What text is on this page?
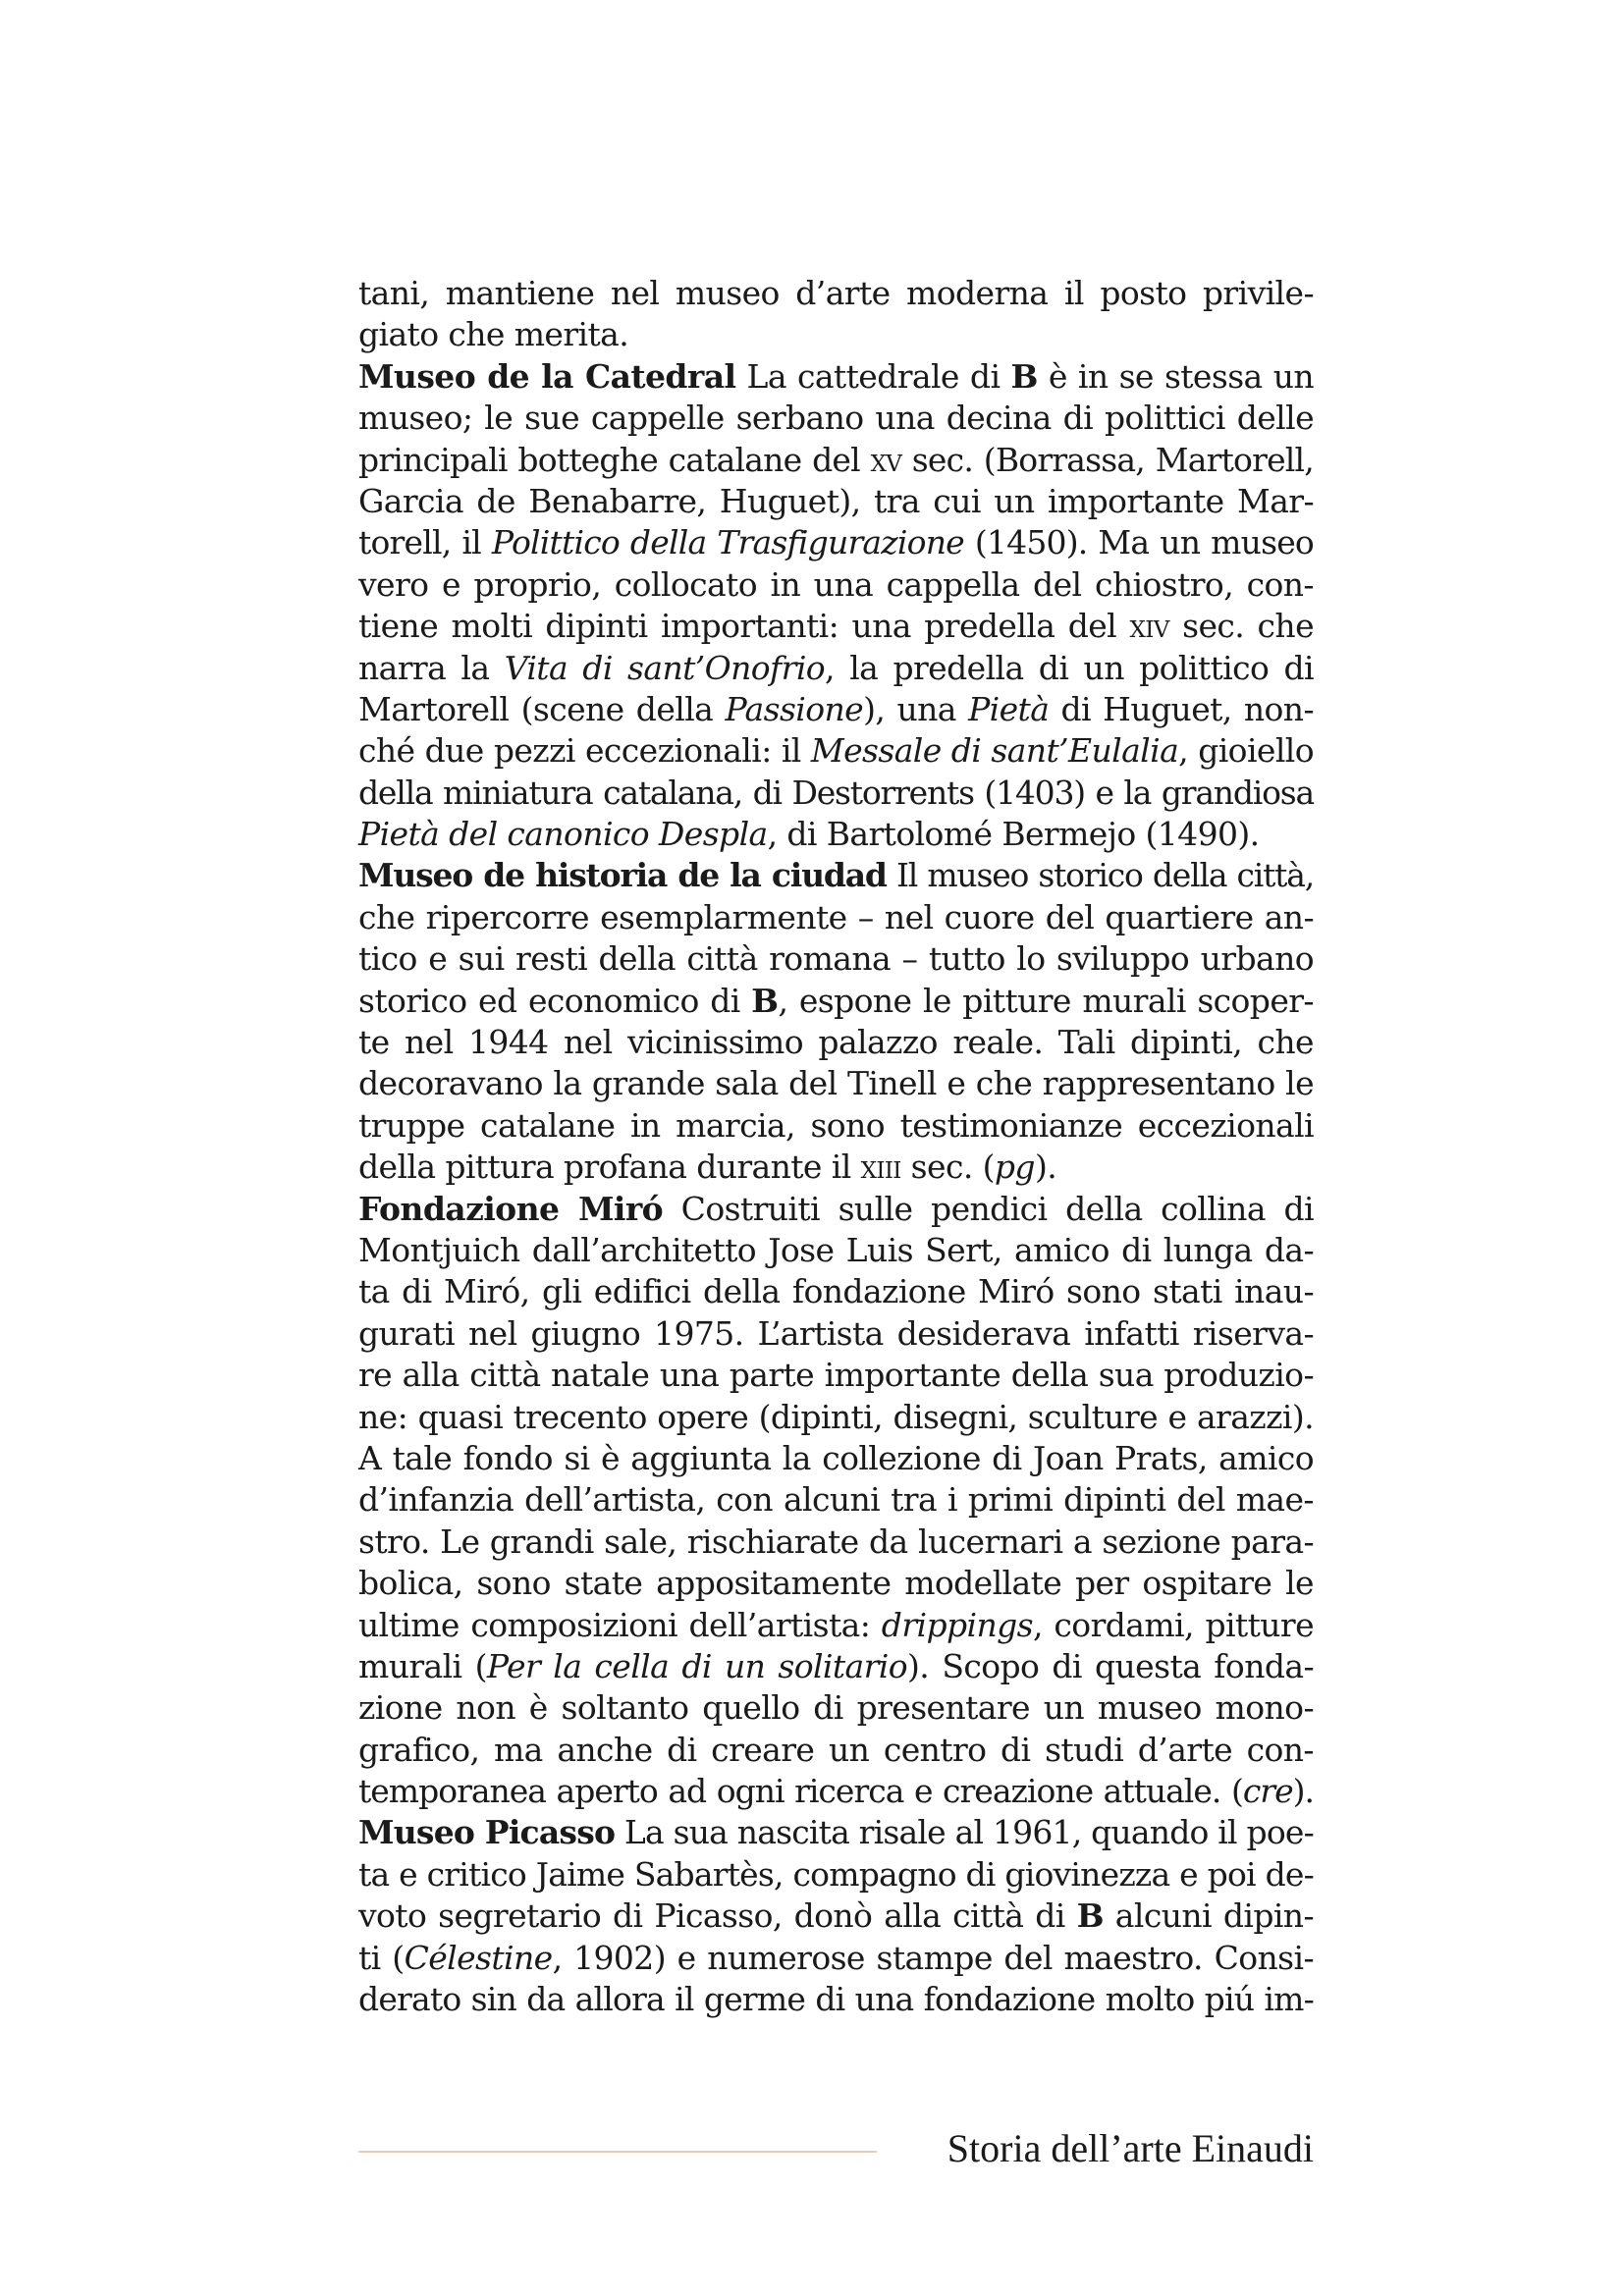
tani, mantiene nel museo d’arte moderna il posto privile-
giato che merita.
Museo de la Catedral La cattedrale di B è in se stessa un
museo; le sue cappelle serbano una decina di polittici delle
principali botteghe catalane del xv sec. (Borrassa, Martorell,
Garcia de Benabarre, Huguet), tra cui un importante Mar-
torell, il Polittico della Trasfigurazione (1450). Ma un museo
vero e proprio, collocato in una cappella del chiostro, con-
tiene molti dipinti importanti: una predella del xiv sec. che
narra la Vita di sant’Onofrio, la predella di un polittico di
Martorell (scene della Passione), una Pietà di Huguet, non-
ché due pezzi eccezionali: il Messale di sant’Eulalia, gioiello
della miniatura catalana, di Destorrents (1403) e la grandiosa
Pietà del canonico Despla, di Bartolomé Bermejo (1490).
Museo de historia de la ciudad Il museo storico della città,
che ripercorre esemplarmente – nel cuore del quartiere an-
tico e sui resti della città romana – tutto lo sviluppo urbano
storico ed economico di B, espone le pitture murali scoper-
te nel 1944 nel vicinissimo palazzo reale. Tali dipinti, che
decoravano la grande sala del Tinell e che rappresentano le
truppe catalane in marcia, sono testimonianze eccezionali
della pittura profana durante il xiii sec. (pg).
Fondazione Miró Costruiti sulle pendici della collina di
Montjuich dall’architetto Jose Luis Sert, amico di lunga da-
ta di Miró, gli edifici della fondazione Miró sono stati inau-
gurati nel giugno 1975. L’artista desiderava infatti riserva-
re alla città natale una parte importante della sua produzio-
ne: quasi trecento opere (dipinti, disegni, sculture e arazzi).
A tale fondo si è aggiunta la collezione di Joan Prats, amico
d’infanzia dell’artista, con alcuni tra i primi dipinti del mae-
stro. Le grandi sale, rischiarate da lucernari a sezione para-
bolica, sono state appositamente modellate per ospitare le
ultime composizioni dell’artista: drippings, cordami, pitture
murali (Per la cella di un solitario). Scopo di questa fonda-
zione non è soltanto quello di presentare un museo mono-
grafico, ma anche di creare un centro di studi d’arte con-
temporanea aperto ad ogni ricerca e creazione attuale. (cre).
Museo Picasso La sua nascita risale al 1961, quando il poe-
ta e critico Jaime Sabartès, compagno di giovinezza e poi de-
voto segretario di Picasso, donò alla città di B alcuni dipin-
ti (Célestine, 1902) e numerose stampe del maestro. Consi-
derato sin da allora il germe di una fondazione molto piú im-
Storia dell’arte Einaudi
